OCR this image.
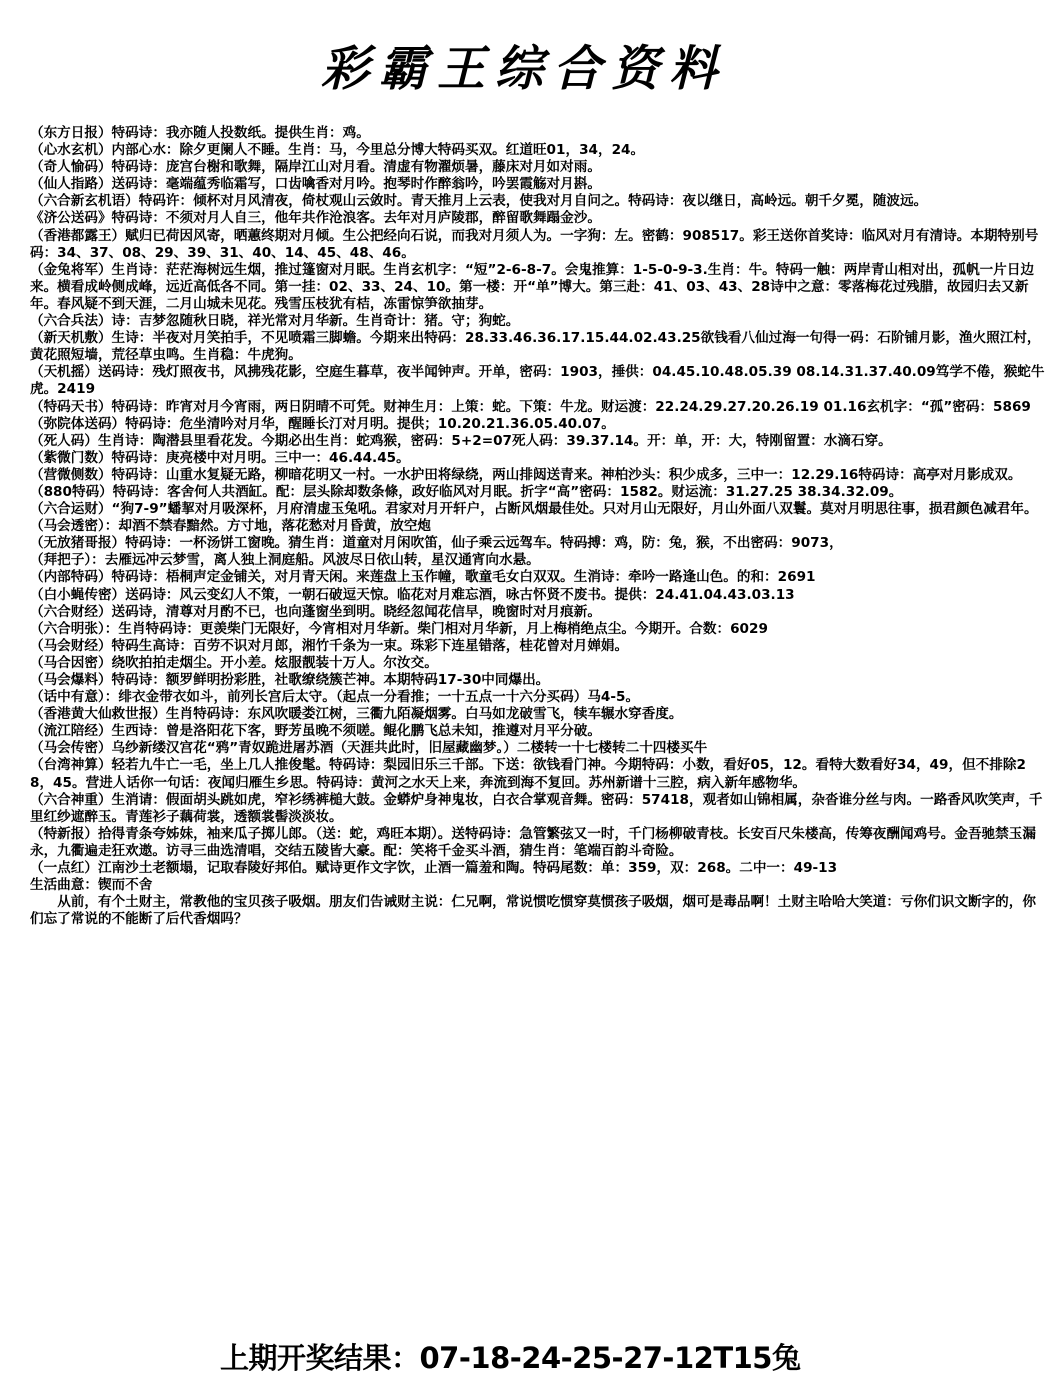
彩霸王综合资料

（东方日报）特码诗：我亦随人投数纸。提供生肖：鸡。

（心水玄机）内部心水：除夕更阑人不睡。生肖：马，今里总分博大特码买双。红道旺01，34，24。

（奇人愉码）特码诗：庞宫台榭和歌舞，隔岸江山对月看。清虚有物濯烦暑，藤床对月如对雨。

（仙人指路）送码诗：毫端蕴秀临霜写，口齿噙香对月吟。抱琴时作醉翁吟，吟罢霞觞对月斟。

（六合新玄机语）特码许：倾杯对月风清夜，倚杖观山云敛时。青天推月上云表，使我对月自问之。特码诗：夜以继日，高岭远。朝千夕冕，随波远。

《济公送码》特码诗：不须对月人自三，他年共作沧浪客。去年对月庐陵郡，醉留歌舞蹋金沙。

（香港都露王）赋归已荷因风寄，晒蕙终期对月倾。生公把经向石说，而我对月须人为。一字狗：左。密鹤：908517。彩王送你首奖诗：临风对月有清诗。本期特别号码：34、37、08、29、39、31、40、14、45、48、46。

（金兔将军）生肖诗：茫茫海树远生烟，推过篷窗对月眠。生肖玄机字：“短”2-6-8-7。会鬼推算：1-5-0-9-3.生肖：牛。特码一触：两岸青山相对出，孤帆一片日边来。横看成岭侧成峰，远近高低各不同。第一挂：02、33、24、10。第一楼：开“单”博大。第三赴：41、03、43、28诗中之意：零落梅花过残腊，故园归去又新年。春风疑不到天涯，二月山城未见花。残雪压枝犹有桔，冻雷惊笋欲抽芽。

（六合兵法）诗：吉梦忽随秋日晓，祥光常对月华新。生肖奇计：猪。守；狗蛇。

（新天机敷）生诗：半夜对月笑拍手，不见喷霜三脚蟾。今期来出特码：28.33.46.36.17.15.44.02.43.25欲钱看八仙过海一句得一码：石阶铺月影，渔火照江村，黄花照短墙，荒径草虫鸣。生肖稳：牛虎狗。

（天机摇）送码诗：残灯照夜书，风拂残花影，空庭生暮草，夜半闻钟声。开单，密码：1903，捶供：04.45.10.48.05.39 08.14.31.37.40.09笃学不倦，猴蛇牛虎。2419

（特码天书）特码诗：昨宵对月今宵雨，两日阴晴不可凭。财神生月：上策：蛇。下策：牛龙。财运渡：22.24.29.27.20.26.19 01.16玄机字：“孤”密码：5869

（弥院体送码）特码诗：危坐清吟对月华，醒睡长汀对月明。提供；10.20.21.36.05.40.07。

（死人码）生肖诗：陶潜县里看花发。今期必出生肖：蛇鸡猴，密码：5+2=07死人码：39.37.14。开：单，开：大，特刚留置：水滴石穿。

（紫微门数）特码诗：庚亮楼中对月明。三中一：46.44.45。

（营微侧数）特码诗：山重水复疑无路，柳暗花明又一村。一水护田将绿绕，两山排闼送青来。神柏沙头：积少成多，三中一：12.29.16特码诗：高亭对月影成双。

（880特码）特码诗：客舍何人共酒缸。配：层头除却数条條，政好临风对月眠。折字“高”密码：1582。财运流：31.27.25 38.34.32.09。

（六合运财）“狗7-9”蟠挈对月吸深杯，月府清虚玉兔吼。君家对月开轩户，占断风烟最佳处。只对月山无限好，月山外面八双鬟。莫对月明思往事，损君颜色减君年。

（马会透密）：却酒不禁春黯然。方寸地，落花愁对月昏黄，放空炮

（无放猪哥报）特码诗：一杯汤饼工窗晚。猜生肖：道童对月闲吹笛，仙子乘云远驾车。特码搏：鸡，防：兔，猴，不出密码：9073，

（拜把子）：去雁远冲云梦雪，离人独上洞庭船。风波尽日依山转，星汉通宵向水悬。

（内部特码）特码诗：梧桐声定金铺关，对月青天闲。来莲盘上玉作幢，歌童毛女白双双。生消诗：牵吟一路逢山色。的和：2691

（白小蝇传密）送码诗：风云变幻人不策，一朝石破逗天惊。临花对月难忘酒，咏古怀贤不废书。提供：24.41.04.43.03.13

（六合财经）送码诗，清尊对月酌不已，也向蓬窗坐到明。晓经忽闻花信早，晚窗时对月痕新。

（六合明张）：生肖特码诗：更羡柴门无限好，今宵相对月华新。柴门相对月华新，月上梅梢绝点尘。今期开。合数：6029

（马会财经）特码生高诗：百劳不识对月郎，湘竹千条为一束。珠彩下连星错落，桂花曾对月婵娟。

（马合因密）绕吹拍拍走烟尘。开小差。炫服靓装十万人。尔汝交。

（马会爆料）特码诗：额罗鲜明扮彩胜，社歌缭绕簇芒神。本期特码17-30中同爆出。

（话中有意）：绯衣金带衣如斗，前列长宫后太守。（起点一分看推；一十五点一十六分买码）马4-5。

（香港黄大仙救世报）生肖特码诗：东风吹暖娄江树，三衢九陌凝烟雾。白马如龙破雪飞，犊车辗水穿香度。

（流江陪经）生西诗：曾是洛阳花下客，野芳虽晚不须嗟。鲲化鹏飞总未知，推遵对月平分破。

（马会传密）乌纱新缕汉宫花“鸦”青奴跪进屠苏酒（天涯共此时，旧屋藏幽梦。）二楼转一十七楼转二十四楼买牛

（台湾神算）轻若九牛亡一毛，坐上几人推俊髦。特码诗：梨园旧乐三千部。下送：欲钱看门神。今期特码：小数，看好05，12。看特大数看好34，49，但不排除28，45。营进人话你一句话：夜闻归雁生乡思。特码诗：黄河之水天上来，奔流到海不复回。苏州新谱十三腔，病入新年感物华。

（六合神重）生消请：假面胡头跳如虎，窄衫绣裤槌大鼓。金蟒炉身神鬼妆，白衣合掌观音舞。密码：57418，观者如山锦相属，杂沓谁分丝与肉。一路香风吹笑声，千里红纱遮醉玉。青莲衫子藕荷裳，透额裳髻淡淡妆。

（特新报）拾得青条夸姊妹，袖来瓜子掷儿郎。（送：蛇，鸡旺本期）。送特码诗：急管繁弦又一时，千门杨柳破青枝。长安百尺朱楼高，传筹夜酬闻鸡号。金吾驰禁玉漏永，九衢遍走狂欢遨。访寻三曲选清唱，交结五陵皆大豪。配：笑将千金买斗酒，猜生肖：笔端百韵斗奇险。

（一点红）江南沙土老额塌，记取春陵好邦伯。赋诗更作文字饮，止酒一篇羞和陶。特码尾数：单：359，双：268。二中一：49-13

生活曲意：锲而不舍

从前，有个土财主，常教他的宝贝孩子吸烟。朋友们告诫财主说：仁兄啊，常说惯吃惯穿莫惯孩子吸烟，烟可是毒品啊！土财主哈哈大笑道：亏你们识文断字的，你们忘了常说的不能断了后代香烟吗？

上期开奖结果：07-18-24-25-27-12T15兔
